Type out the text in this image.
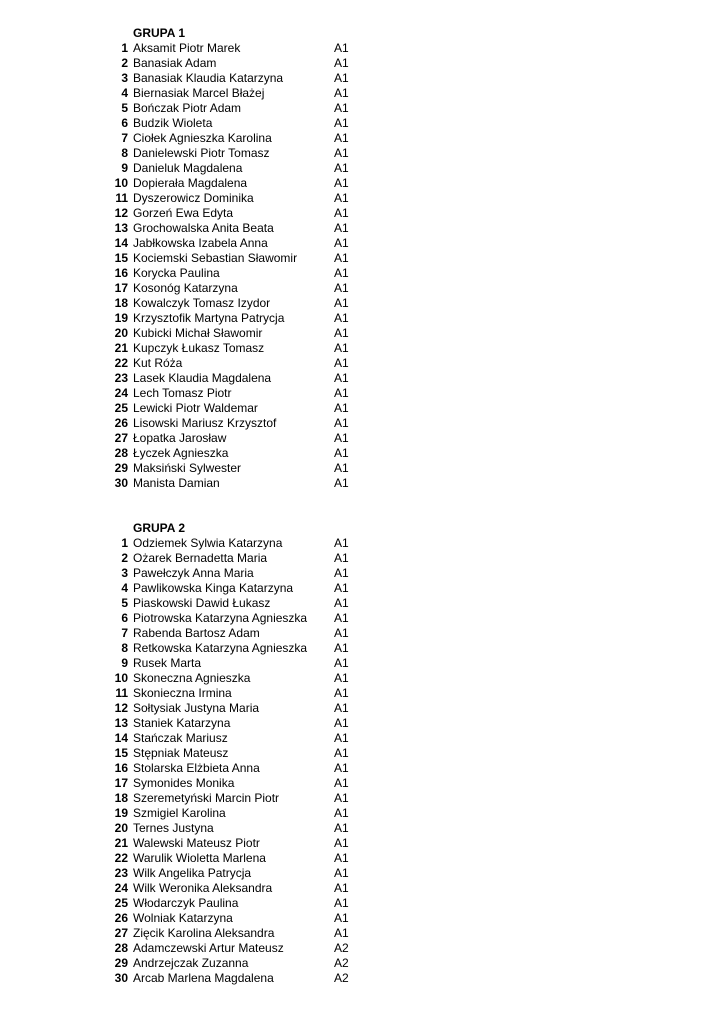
GRUPA 1
1 Aksamit Piotr Marek	A1
2 Banasiak Adam	A1
3 Banasiak Klaudia Katarzyna	A1
4 Biernasiak Marcel Błażej	A1
5 Bończak Piotr Adam	A1
6 Budzik Wioleta	A1
7 Ciołek Agnieszka Karolina	A1
8 Danielewski Piotr Tomasz	A1
9 Danieluk Magdalena	A1
10 Dopierała Magdalena	A1
11 Dyszerowicz Dominika	A1
12 Gorzeń Ewa Edyta	A1
13 Grochowalska Anita Beata	A1
14 Jabłkowska Izabela Anna	A1
15 Kociemski Sebastian Sławomir	A1
16 Korycka Paulina	A1
17 Kosonóg Katarzyna	A1
18 Kowalczyk Tomasz Izydor	A1
19 Krzysztofik Martyna Patrycja	A1
20 Kubicki Michał Sławomir	A1
21 Kupczyk Łukasz Tomasz	A1
22 Kut Róża	A1
23 Lasek Klaudia Magdalena	A1
24 Lech Tomasz Piotr	A1
25 Lewicki Piotr Waldemar	A1
26 Lisowski Mariusz Krzysztof	A1
27 Łopatka Jarosław	A1
28 Łyczek Agnieszka	A1
29 Maksiński Sylwester	A1
30 Manista Damian	A1
GRUPA 2
1 Odziemek Sylwia Katarzyna	A1
2 Ożarek Bernadetta Maria	A1
3 Pawełczyk Anna Maria	A1
4 Pawlikowska Kinga Katarzyna	A1
5 Piaskowski Dawid Łukasz	A1
6 Piotrowska Katarzyna Agnieszka A1
7 Rabenda Bartosz Adam	A1
8 Retkowska Katarzyna Agnieszka A1
9 Rusek Marta	A1
10 Skoneczna Agnieszka	A1
11 Skonieczna Irmina	A1
12 Sołtysiak Justyna Maria	A1
13 Staniek Katarzyna	A1
14 Stańczak Mariusz	A1
15 Stępniak Mateusz	A1
16 Stolarska Elżbieta Anna	A1
17 Symonides Monika	A1
18 Szeremetyński Marcin Piotr	A1
19 Szmigiel Karolina	A1
20 Ternes Justyna	A1
21 Walewski Mateusz Piotr	A1
22 Warulik Wioletta Marlena	A1
23 Wilk Angelika Patrycja	A1
24 Wilk Weronika Aleksandra	A1
25 Włodarczyk Paulina	A1
26 Wolniak Katarzyna	A1
27 Zięcik Karolina Aleksandra	A1
28 Adamczewski Artur Mateusz	A2
29 Andrzejczak Zuzanna	A2
30 Arcab Marlena Magdalena	A2
